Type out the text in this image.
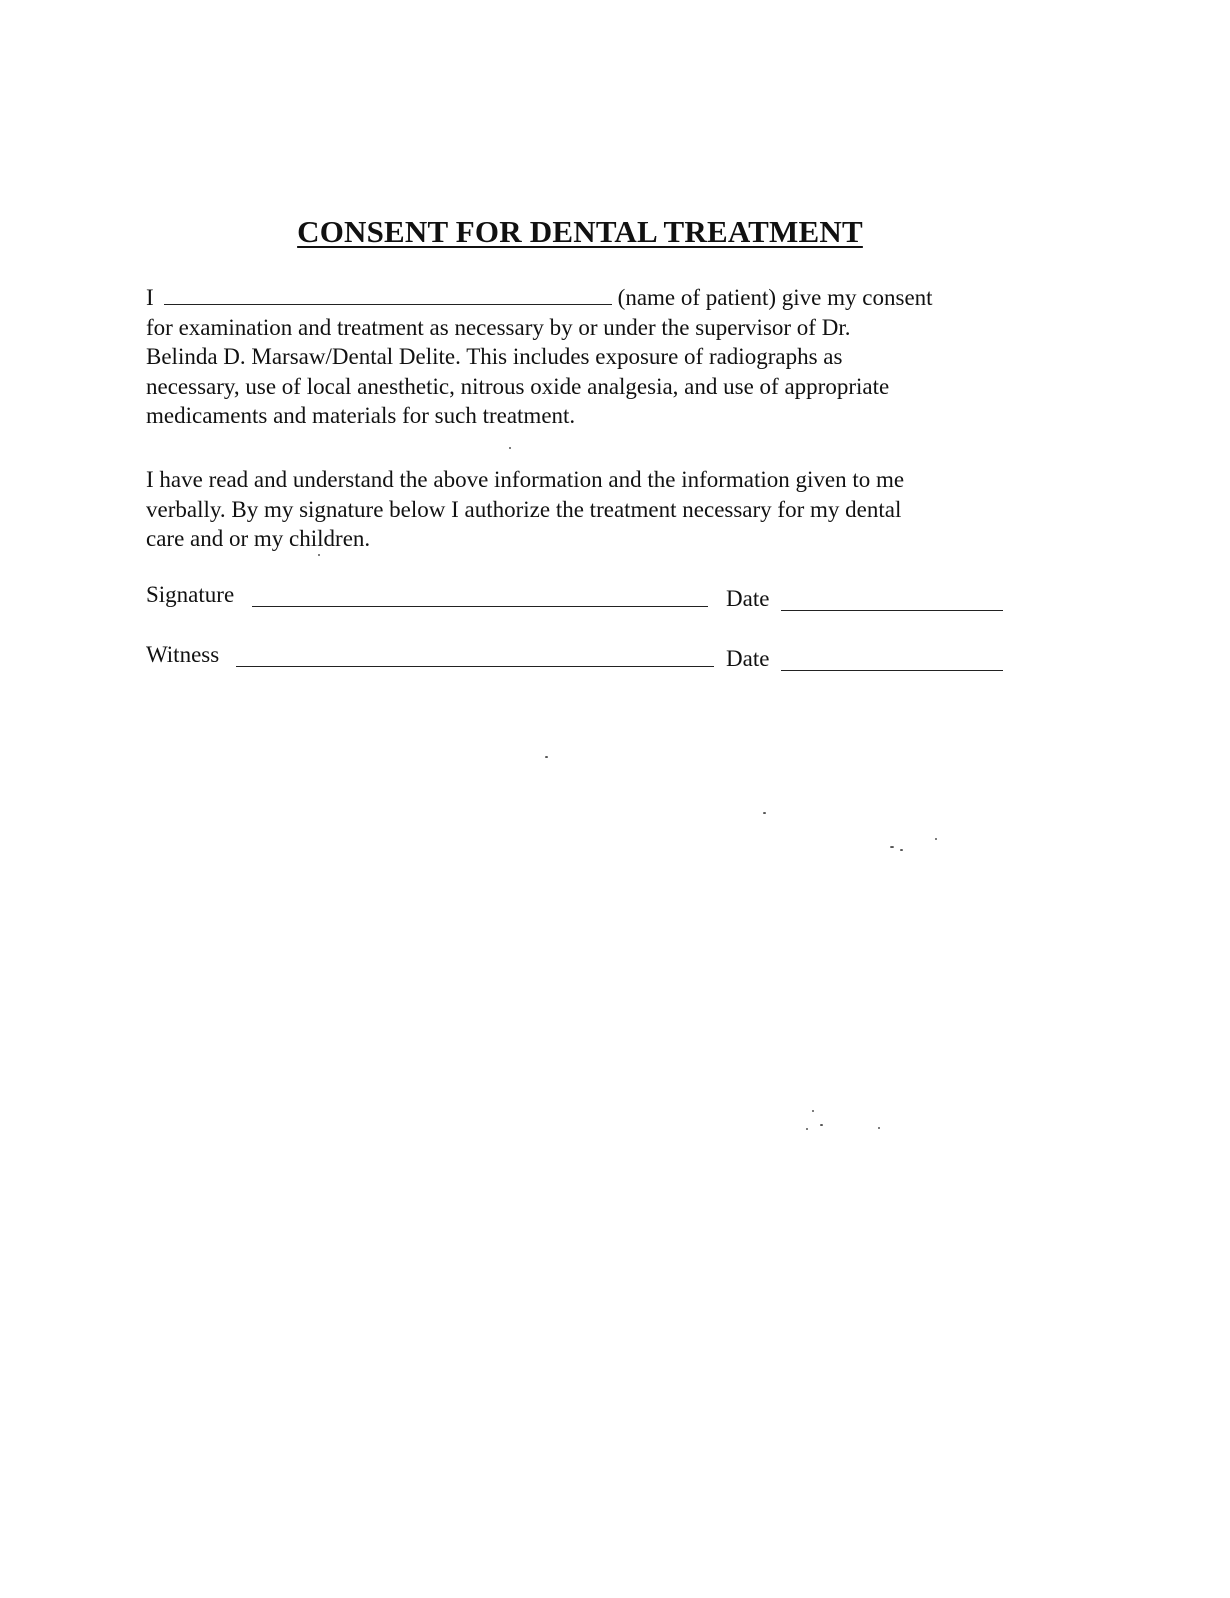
CONSENT FOR DENTAL TREATMENT
I	(name of patient) give my consent
for examination and treatment as necessary by or under the supervisor of Dr.
Belinda D. Marsaw/Dental Delite. This includes exposure of radiographs as
necessary, use of local anesthetic, nitrous oxide analgesia, and use of appropriate
medicaments and materials for such treatment.
I have read and understand the above information and the information given to me
verbally. By my signature below I authorize the treatment necessary for my dental
care and or my children.
Signature	Date
Witness	Date
